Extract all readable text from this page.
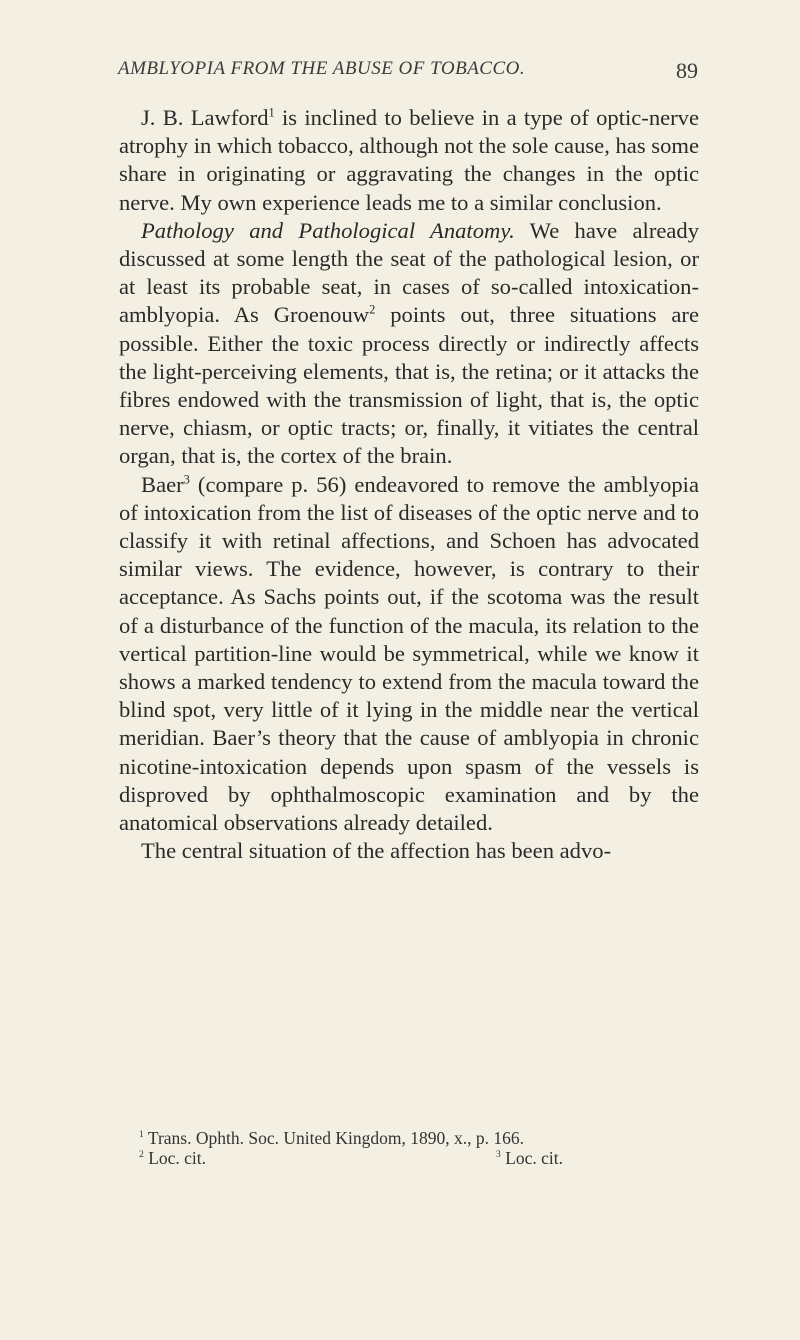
AMBLYOPIA FROM THE ABUSE OF TOBACCO.	89

J. B. Lawford$^1$ is inclined to believe in a type of optic-nerve atrophy in which tobacco, although not the sole cause, has some share in originating or aggravating the changes in the optic nerve. My own experience leads me to a similar conclusion.

Pathology and Pathological Anatomy. We have already discussed at some length the seat of the pathological lesion, or at least its probable seat, in cases of so-called intoxication-amblyopia. As Groenouw$^2$ points out, three situations are possible. Either the toxic process directly or indirectly affects the light-perceiving elements, that is, the retina; or it attacks the fibres endowed with the transmission of light, that is, the optic nerve, chiasm, or optic tracts; or, finally, it vitiates the central organ, that is, the cortex of the brain.

Baer$^3$ (compare p. 56) endeavored to remove the amblyopia of intoxication from the list of diseases of the optic nerve and to classify it with retinal affections, and Schoen has advocated similar views. The evidence, however, is contrary to their acceptance. As Sachs points out, if the scotoma was the result of a disturbance of the function of the macula, its relation to the vertical partition-line would be symmetrical, while we know it shows a marked tendency to extend from the macula toward the blind spot, very little of it lying in the middle near the vertical meridian. Baer’s theory that the cause of amblyopia in chronic nicotine-intoxication depends upon spasm of the vessels is disproved by ophthalmoscopic examination and by the anatomical observations already detailed.

The central situation of the affection has been advo-

$^1$ Trans. Ophth. Soc. United Kingdom, 1890, x., p. 166.
$^2$ Loc. cit.	$^3$ Loc. cit.
